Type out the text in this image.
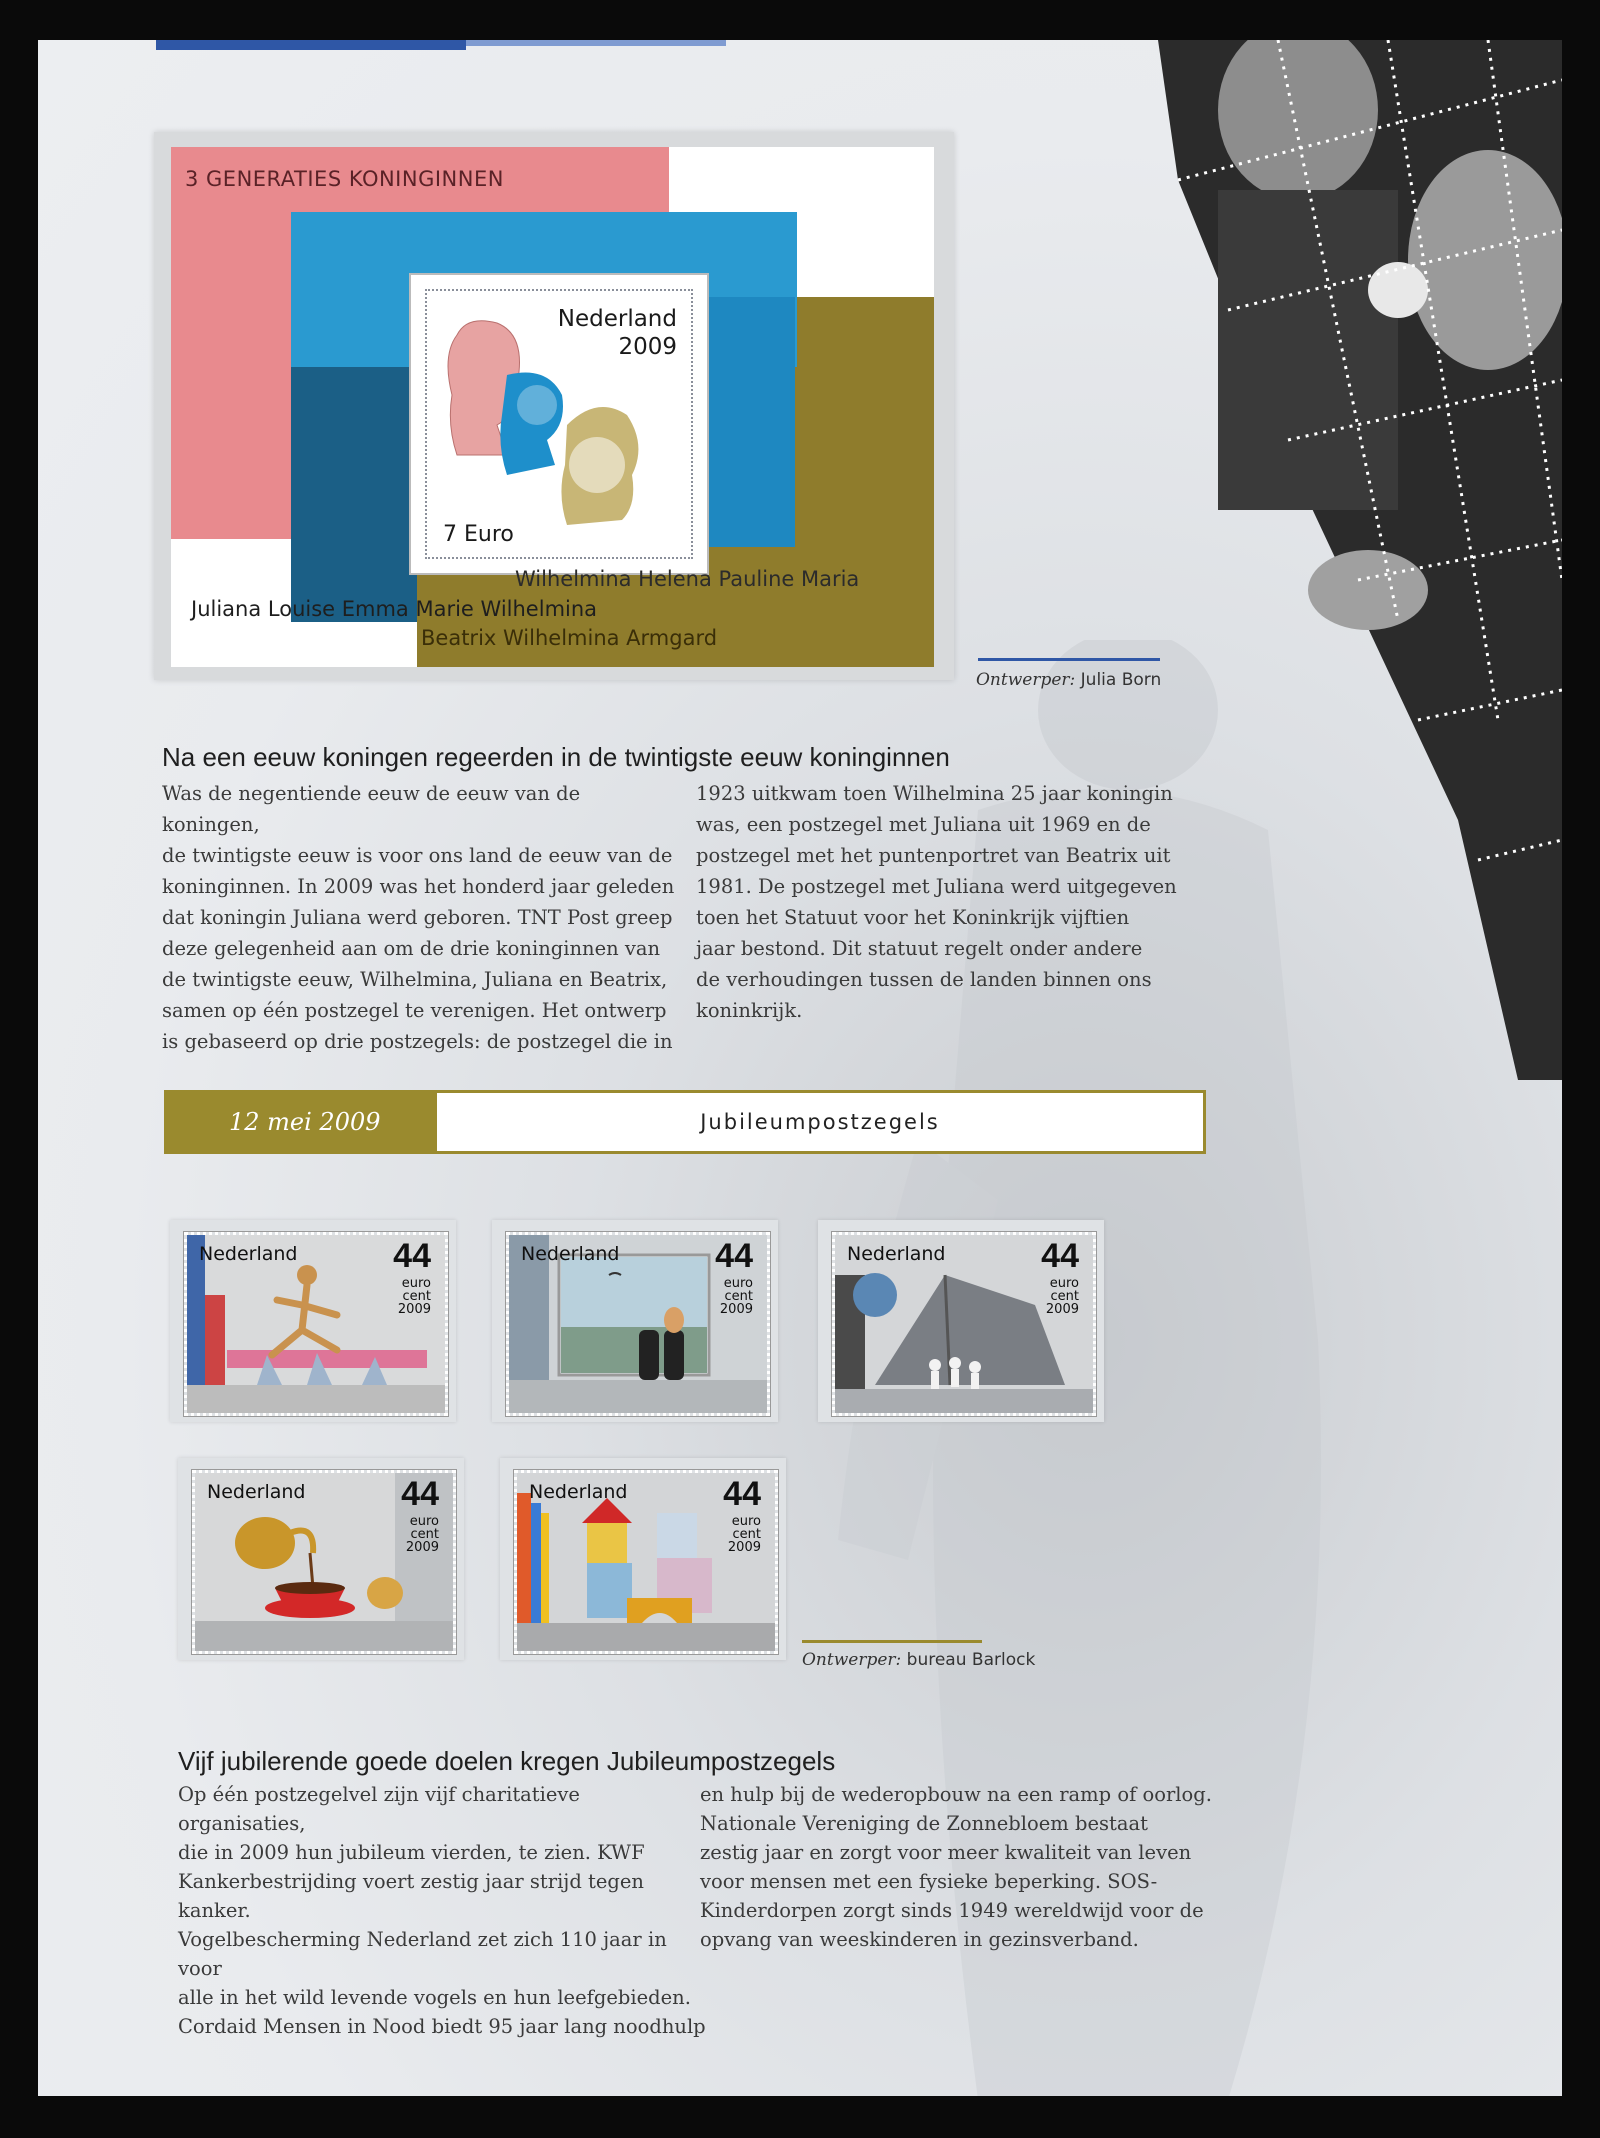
3 GENERATIES KONINGINNEN
Nederland
2009
7 Euro
Wilhelmina Helena Pauline Maria
Juliana Louise Emma Marie Wilhelmina
Beatrix Wilhelmina Armgard
Ontwerper: Julia Born
Na een eeuw koningen regeerden in de twintigste eeuw koninginnen
Was de negentiende eeuw de eeuw van de koningen,
de twintigste eeuw is voor ons land de eeuw van de
koninginnen. In 2009 was het honderd jaar geleden
dat koningin Juliana werd geboren. TNT Post greep
deze gelegenheid aan om de drie koninginnen van
de twintigste eeuw, Wilhelmina, Juliana en Beatrix,
samen op één postzegel te verenigen. Het ontwerp
is gebaseerd op drie postzegels: de postzegel die in
1923 uitkwam toen Wilhelmina 25 jaar koningin
was, een postzegel met Juliana uit 1969 en de
postzegel met het puntenportret van Beatrix uit
1981. De postzegel met Juliana werd uitgegeven
toen het Statuut voor het Koninkrijk vijftien
jaar bestond. Dit statuut regelt onder andere
de verhoudingen tussen de landen binnen ons
koninkrijk.
12 mei 2009	Jubileumpostzegels
Nederland	44
euro
cent
2009
Nederland	44
euro
cent
2009
Nederland	44
euro
cent
2009
Nederland	44
euro
cent
2009
Nederland	44
euro
cent
2009
Ontwerper: bureau Barlock
Vijf jubilerende goede doelen kregen Jubileumpostzegels
Op één postzegelvel zijn vijf charitatieve organisaties,
die in 2009 hun jubileum vierden, te zien. KWF
Kankerbestrijding voert zestig jaar strijd tegen kanker.
Vogelbescherming Nederland zet zich 110 jaar in voor
alle in het wild levende vogels en hun leefgebieden.
Cordaid Mensen in Nood biedt 95 jaar lang noodhulp
en hulp bij de wederopbouw na een ramp of oorlog.
Nationale Vereniging de Zonnebloem bestaat
zestig jaar en zorgt voor meer kwaliteit van leven
voor mensen met een fysieke beperking. SOS-
Kinderdorpen zorgt sinds 1949 wereldwijd voor de
opvang van weeskinderen in gezinsverband.
